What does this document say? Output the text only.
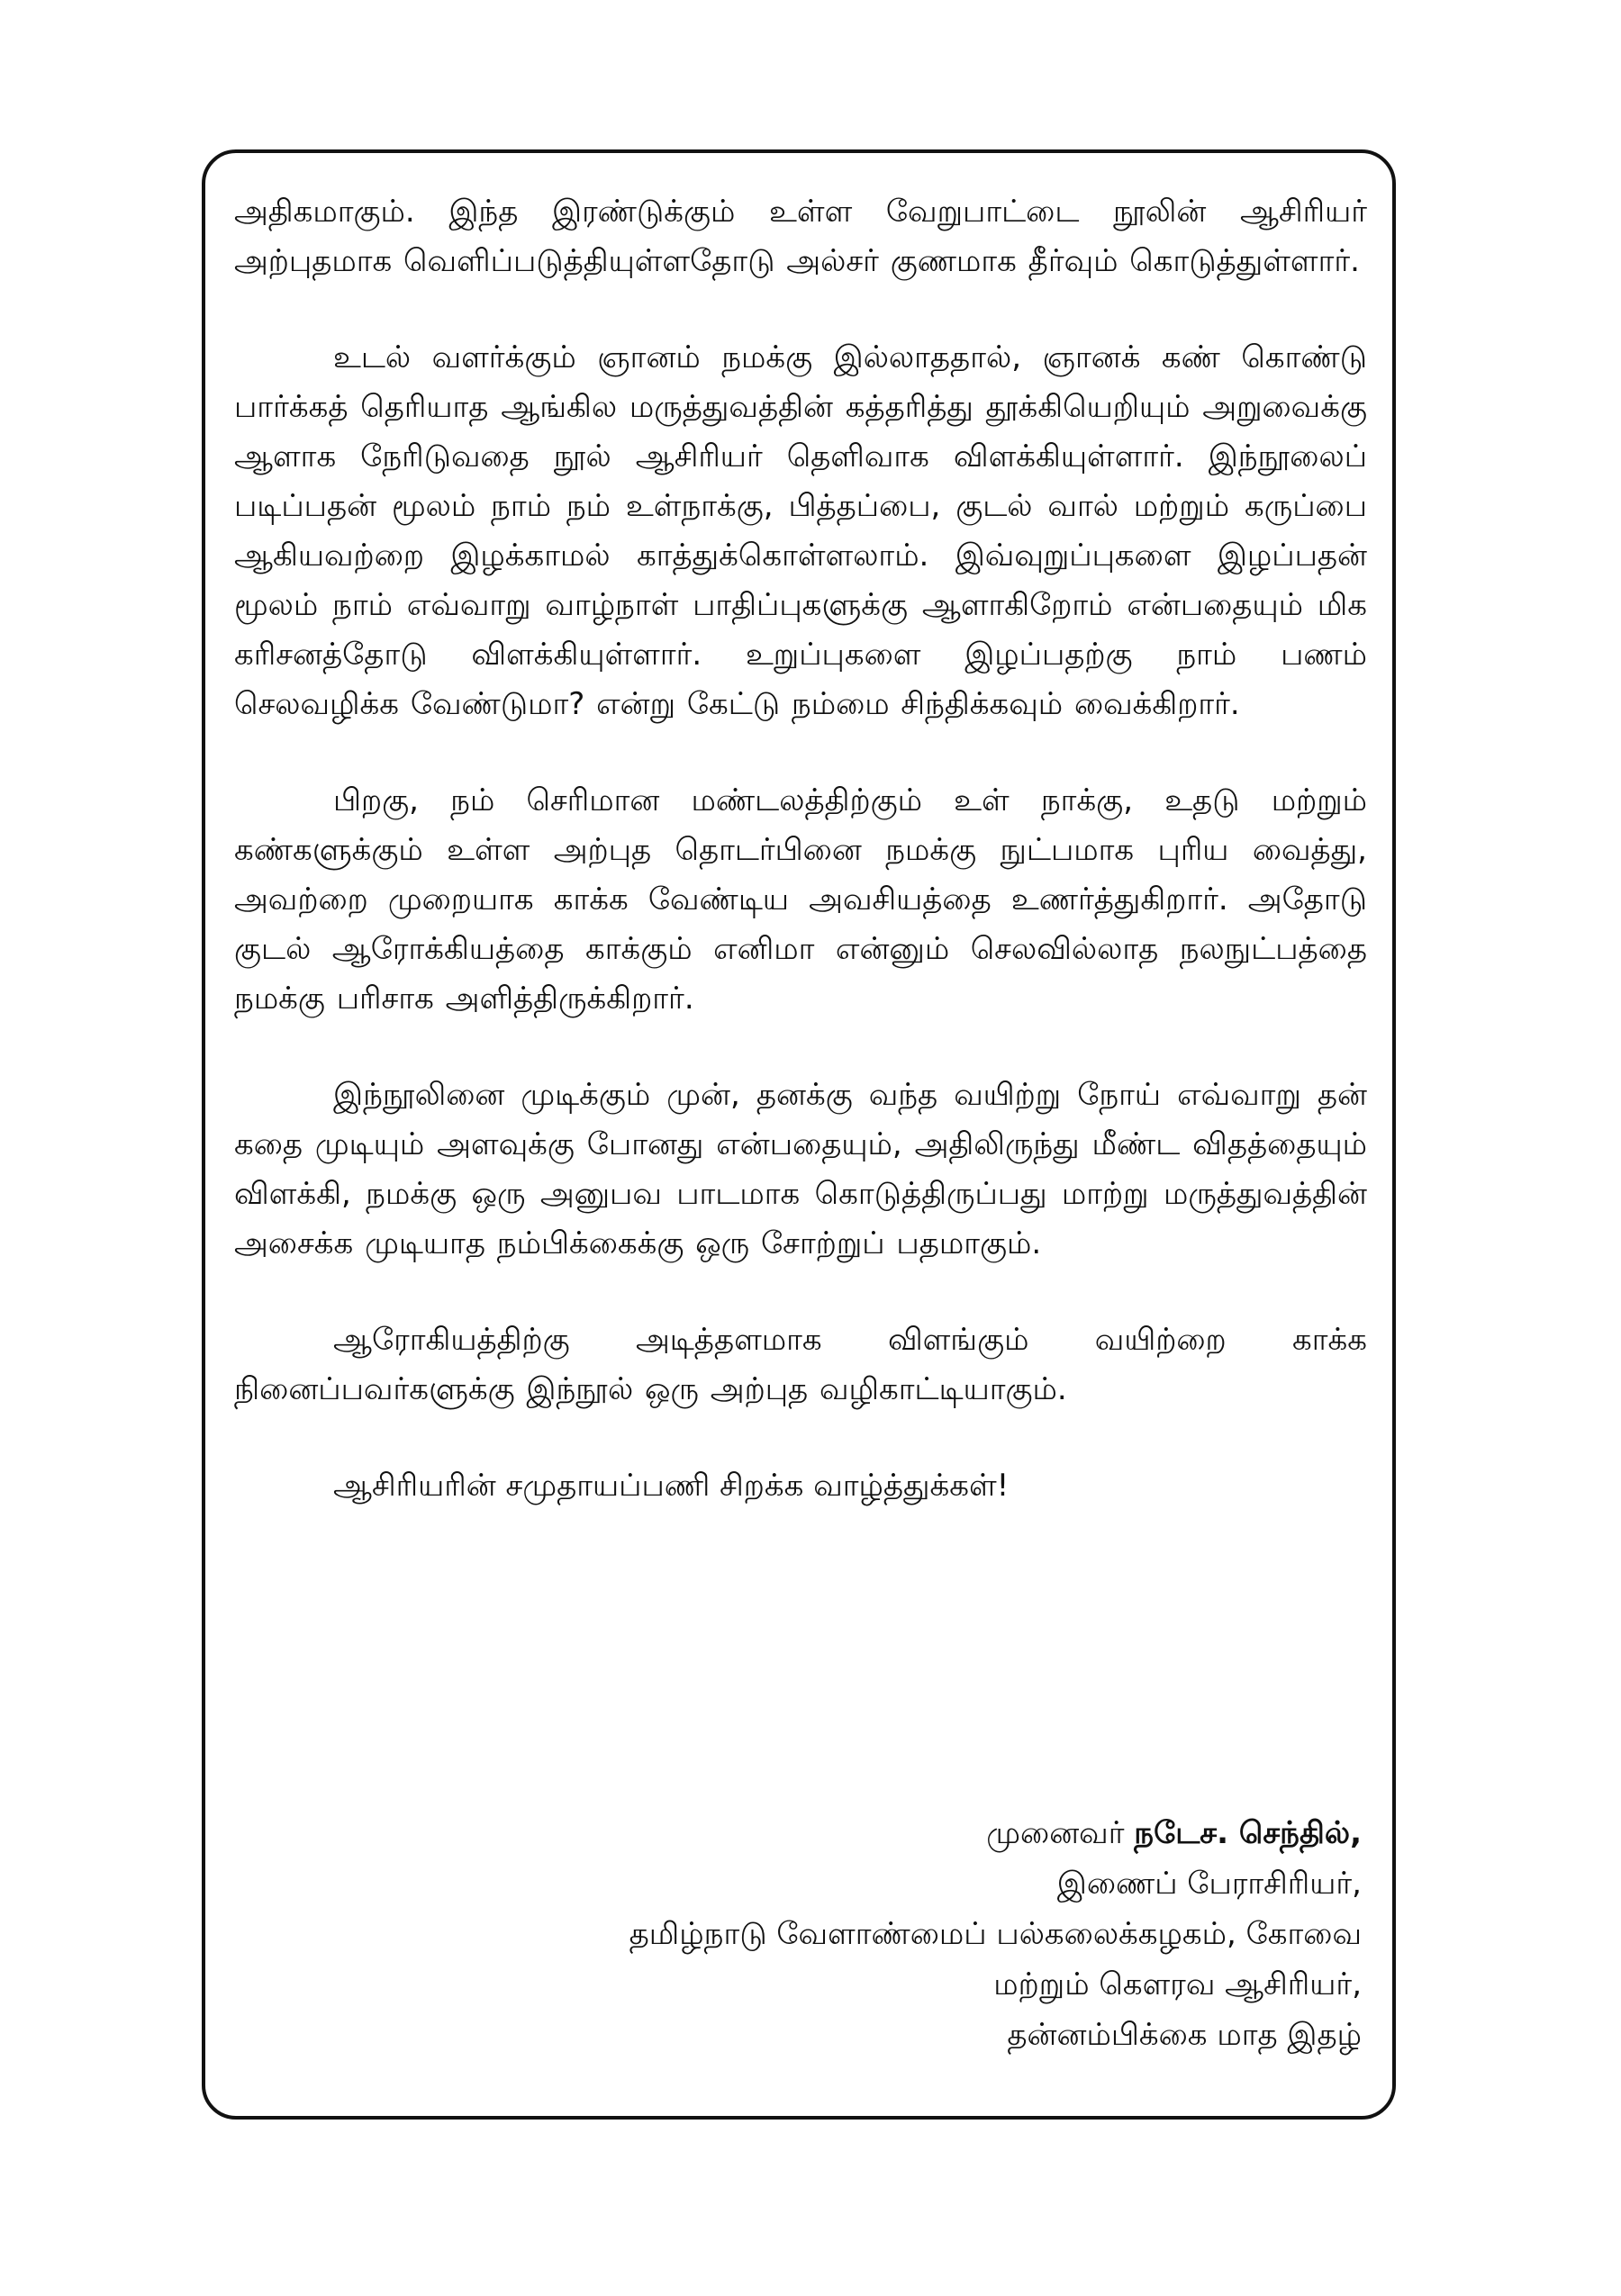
அதிகமாகும். இந்த இரண்டுக்கும் உள்ள வேறுபாட்டை நூலின் ஆசிரியர் அற்புதமாக வெளிப்படுத்தியுள்ளதோடு அல்சர் குணமாக தீர்வும் கொடுத்துள்ளார்.

உடல் வளர்க்கும் ஞானம் நமக்கு இல்லாததால், ஞானக் கண் கொண்டு பார்க்கத் தெரியாத ஆங்கில மருத்துவத்தின் கத்தரித்து தூக்கியெறியும் அறுவைக்கு ஆளாக நேரிடுவதை நூல் ஆசிரியர் தெளிவாக விளக்கியுள்ளார். இந்நூலைப் படிப்பதன் மூலம் நாம் நம் உள்நாக்கு, பித்தப்பை, குடல் வால் மற்றும் கருப்பை ஆகியவற்றை இழக்காமல் காத்துக்கொள்ளலாம். இவ்வுறுப்புகளை இழப்பதன் மூலம் நாம் எவ்வாறு வாழ்நாள் பாதிப்புகளுக்கு ஆளாகிறோம் என்பதையும் மிக கரிசனத்தோடு விளக்கியுள்ளார். உறுப்புகளை இழப்பதற்கு நாம் பணம் செலவழிக்க வேண்டுமா? என்று கேட்டு நம்மை சிந்திக்கவும் வைக்கிறார்.

பிறகு, நம் செரிமான மண்டலத்திற்கும் உள் நாக்கு, உதடு மற்றும் கண்களுக்கும் உள்ள அற்புத தொடர்பினை நமக்கு நுட்பமாக புரிய வைத்து, அவற்றை முறையாக காக்க வேண்டிய அவசியத்தை உணர்த்துகிறார். அதோடு குடல் ஆரோக்கியத்தை காக்கும் எனிமா என்னும் செலவில்லாத நலநுட்பத்தை நமக்கு பரிசாக அளித்திருக்கிறார்.

இந்நூலினை முடிக்கும் முன், தனக்கு வந்த வயிற்று நோய் எவ்வாறு தன் கதை முடியும் அளவுக்கு போனது என்பதையும், அதிலிருந்து மீண்ட விதத்தையும் விளக்கி, நமக்கு ஒரு அனுபவ பாடமாக கொடுத்திருப்பது மாற்று மருத்துவத்தின் அசைக்க முடியாத நம்பிக்கைக்கு ஒரு சோற்றுப் பதமாகும்.

ஆரோகியத்திற்கு அடித்தளமாக விளங்கும் வயிற்றை காக்க நினைப்பவர்களுக்கு இந்நூல் ஒரு அற்புத வழிகாட்டியாகும்.

ஆசிரியரின் சமுதாயப்பணி சிறக்க வாழ்த்துக்கள்!

முனைவர் நடேச. செந்தில்,
இணைப் பேராசிரியர்,
தமிழ்நாடு வேளாண்மைப் பல்கலைக்கழகம், கோவை
மற்றும் கௌரவ ஆசிரியர்,
தன்னம்பிக்கை மாத இதழ்
